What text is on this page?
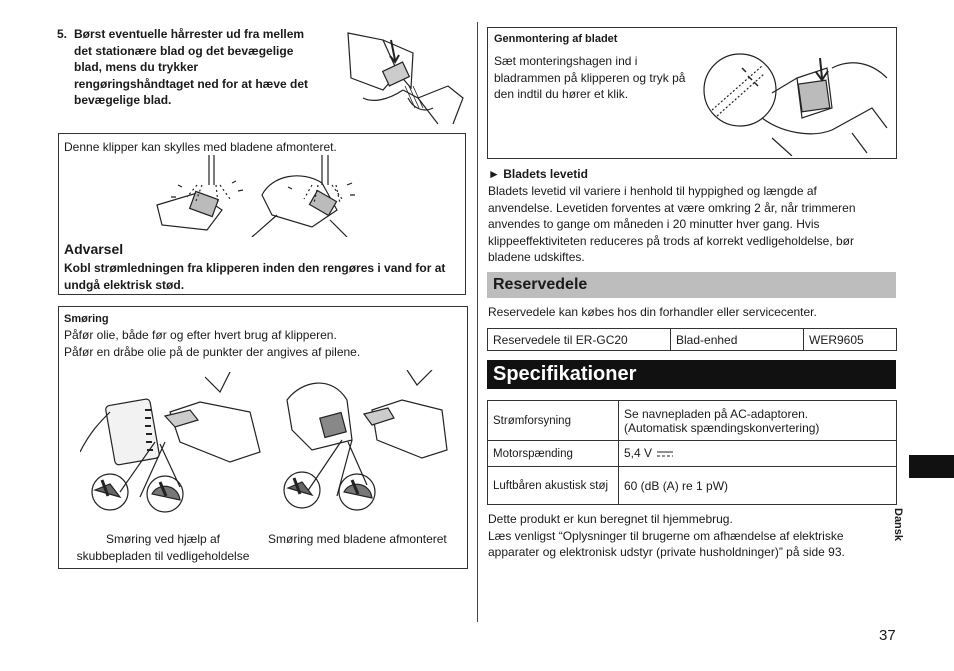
5. Børst eventuelle hårrester ud fra mellem
det stationære blad og det bevægelige
blad, mens du trykker
rengøringshåndtaget ned for at hæve det
bevægelige blad.
Denne klipper kan skylles med bladene afmonteret.
Advarsel
Kobl strømledningen fra klipperen inden den rengøres i vand for at
undgå elektrisk stød.
Smøring
Påfør olie, både før og efter hvert brug af klipperen.
Påfør en dråbe olie på de punkter der angives af pilene.
Smøring ved hjælp af
skubbepladen til vedligeholdelse
Smøring med bladene afmonteret
Genmontering af bladet
Sæt monteringshagen ind i
bladrammen på klipperen og tryk på
den indtil du hører et klik.
► Bladets levetid
Bladets levetid vil variere i henhold til hyppighed og længde af
anvendelse. Levetiden forventes at være omkring 2 år, når trimmeren
anvendes to gange om måneden i 20 minutter hver gang. Hvis
klippeeffektiviteten reduceres på trods af korrekt vedligeholdelse, bør
bladene udskiftes.
Reservedele
Reservedele kan købes hos din forhandler eller servicecenter.
Reservedele til ER-GC20	Blad-enhed	WER9605
Specifikationer
Strømforsyning	Se navnepladen på AC-adaptoren.
(Automatisk spændingskonvertering)

Motorspænding	5,4 V
Luftbåren akustisk støj	60 (dB (A) re 1 pW)
Dette produkt er kun beregnet til hjemmebrug.
Læs venligst “Oplysninger til brugerne om afhændelse af elektriske
apparater og elektronisk udstyr (private husholdninger)” på side 93.
Dansk
37
